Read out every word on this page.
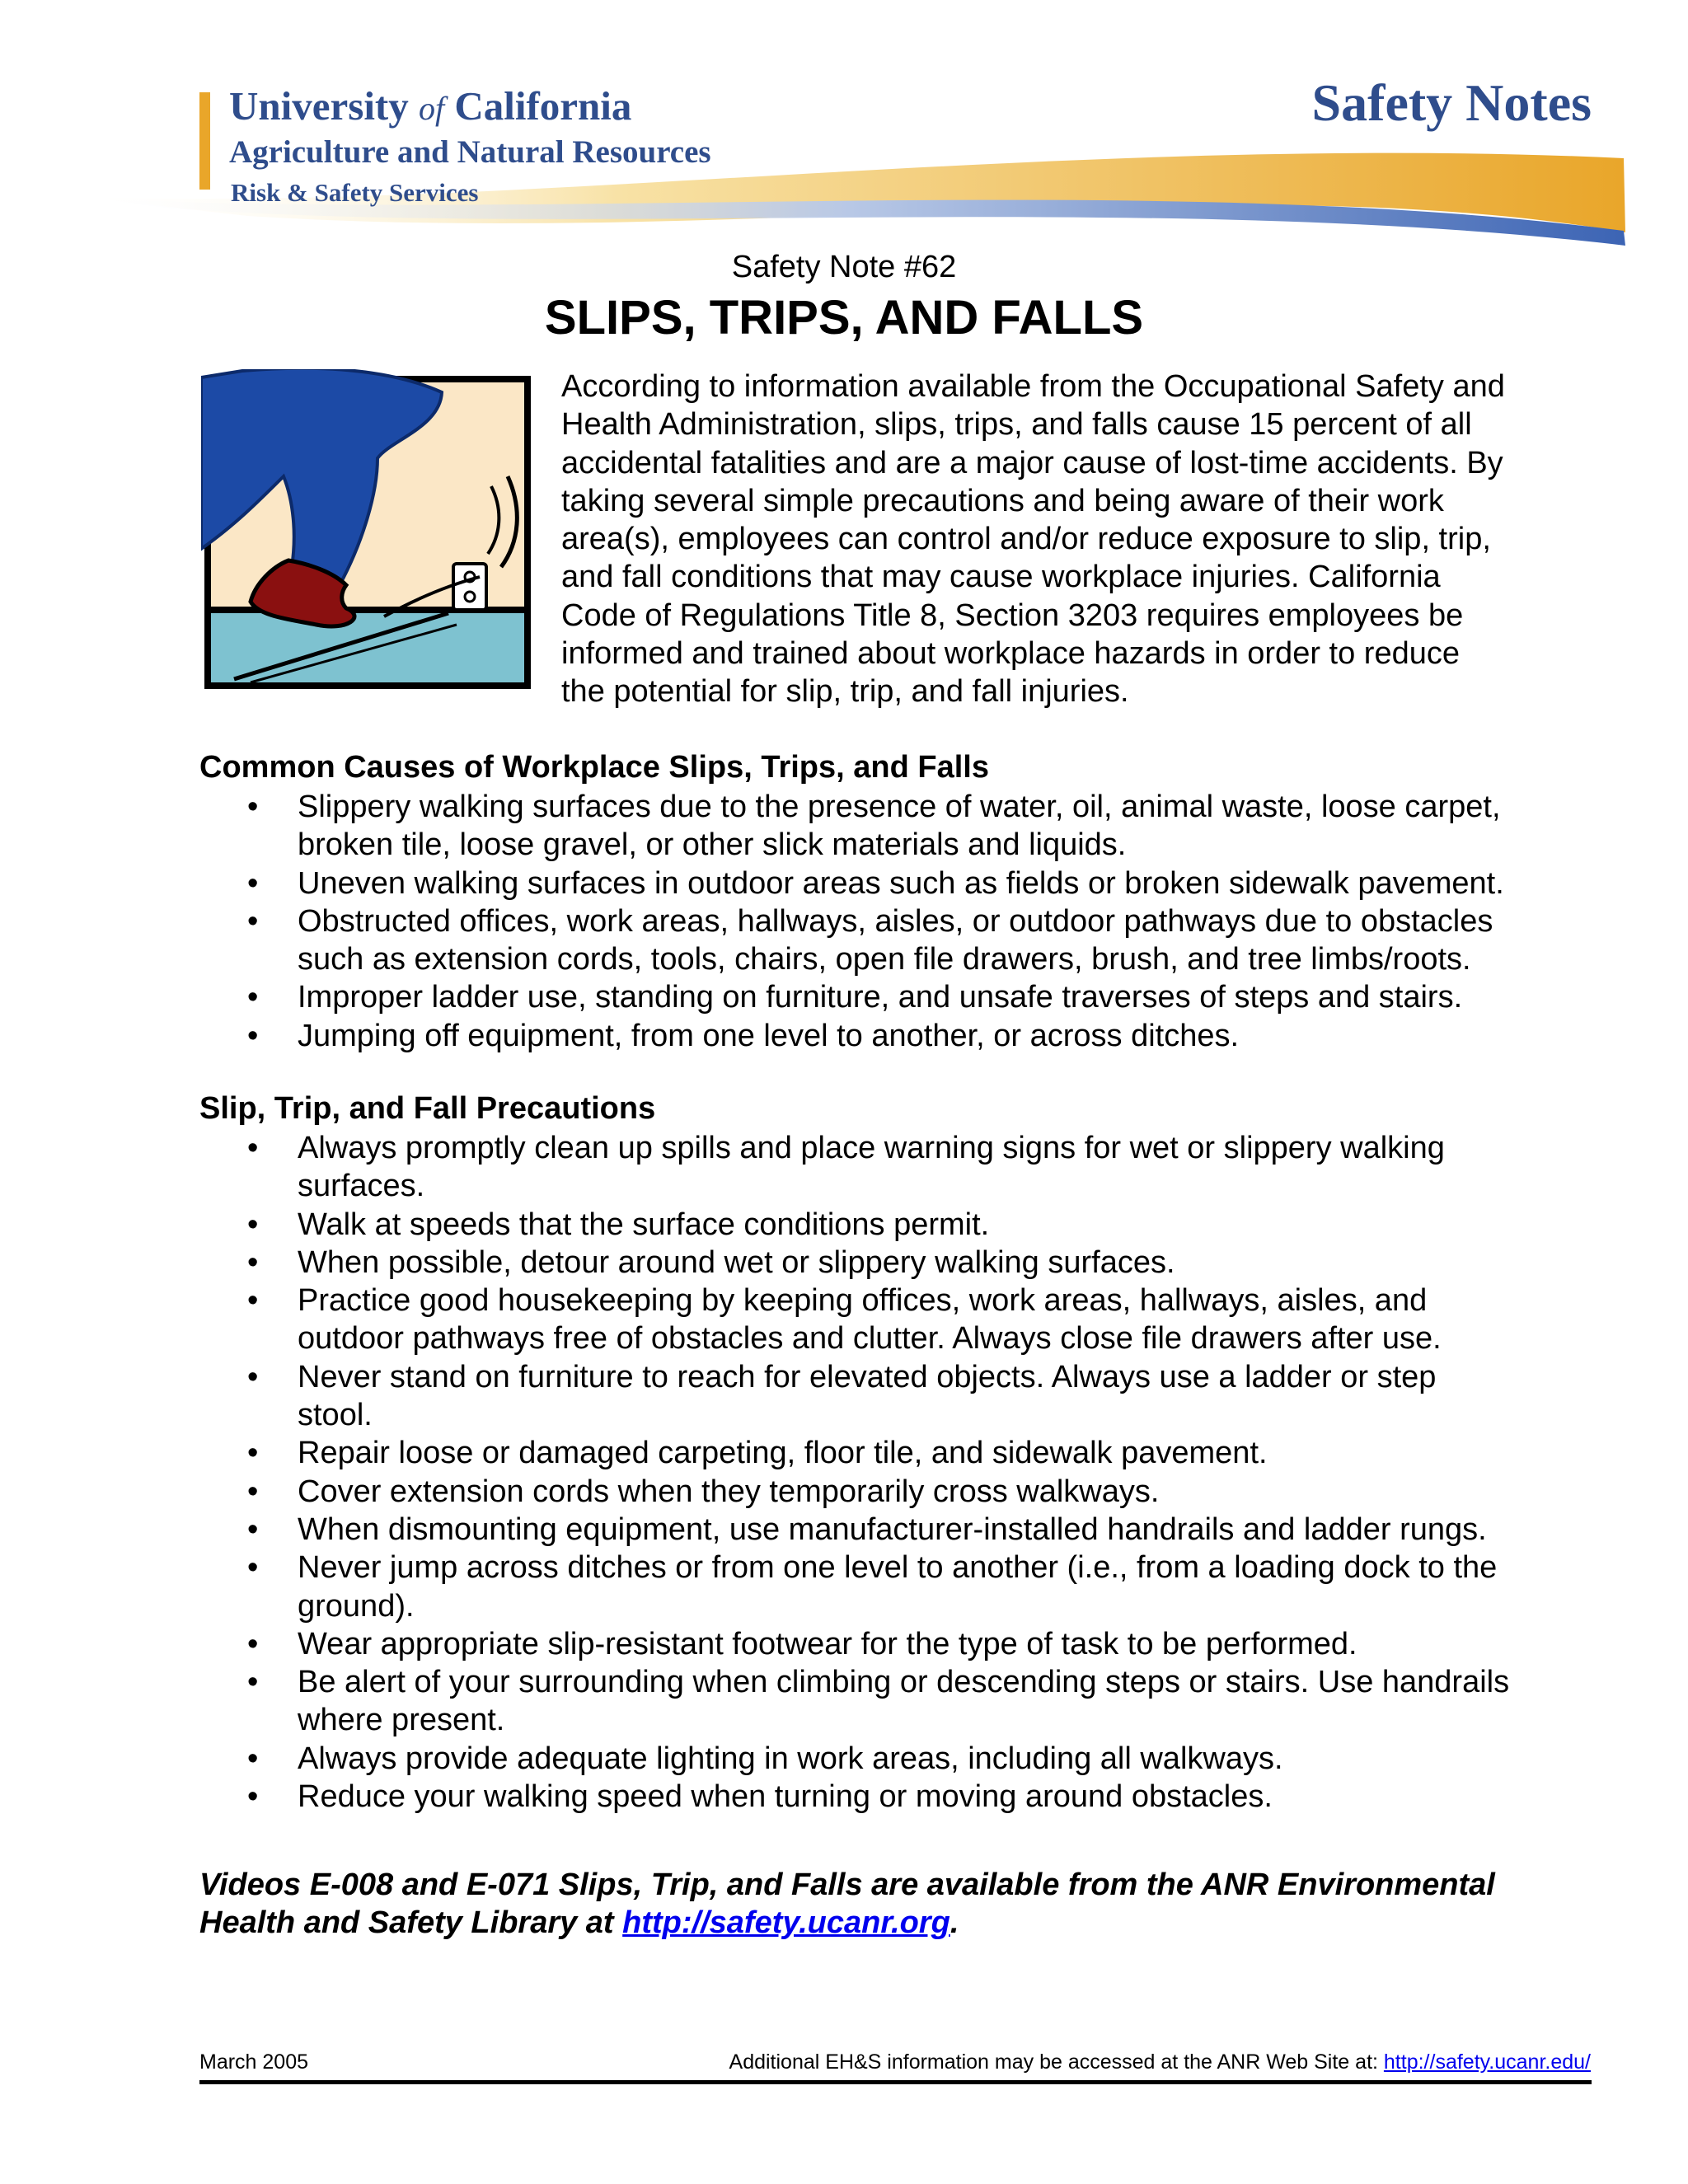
University of California
Agriculture and Natural Resources
Risk & Safety Services
Safety Notes
Safety Note #62
SLIPS, TRIPS, AND FALLS

According to information available from the Occupational Safety and
Health Administration, slips, trips, and falls cause 15 percent of all
accidental fatalities and are a major cause of lost-time accidents. By
taking several simple precautions and being aware of their work
area(s), employees can control and/or reduce exposure to slip, trip,
and fall conditions that may cause workplace injuries. California
Code of Regulations Title 8, Section 3203 requires employees be
informed and trained about workplace hazards in order to reduce
the potential for slip, trip, and fall injuries.

Common Causes of Workplace Slips, Trips, and Falls
• Slippery walking surfaces due to the presence of water, oil, animal waste, loose carpet,
broken tile, loose gravel, or other slick materials and liquids.
• Uneven walking surfaces in outdoor areas such as fields or broken sidewalk pavement.
• Obstructed offices, work areas, hallways, aisles, or outdoor pathways due to obstacles
such as extension cords, tools, chairs, open file drawers, brush, and tree limbs/roots.
• Improper ladder use, standing on furniture, and unsafe traverses of steps and stairs.
• Jumping off equipment, from one level to another, or across ditches.
Slip, Trip, and Fall Precautions
• Always promptly clean up spills and place warning signs for wet or slippery walking
surfaces.
• Walk at speeds that the surface conditions permit.
• When possible, detour around wet or slippery walking surfaces.
• Practice good housekeeping by keeping offices, work areas, hallways, aisles, and
outdoor pathways free of obstacles and clutter. Always close file drawers after use.
• Never stand on furniture to reach for elevated objects. Always use a ladder or step
stool.
• Repair loose or damaged carpeting, floor tile, and sidewalk pavement.
• Cover extension cords when they temporarily cross walkways.
• When dismounting equipment, use manufacturer-installed handrails and ladder rungs.
• Never jump across ditches or from one level to another (i.e., from a loading dock to the
ground).
• Wear appropriate slip-resistant footwear for the type of task to be performed.
• Be alert of your surrounding when climbing or descending steps or stairs. Use handrails
where present.
• Always provide adequate lighting in work areas, including all walkways.
• Reduce your walking speed when turning or moving around obstacles.

Videos E-008 and E-071 Slips, Trip, and Falls are available from the ANR Environmental
Health and Safety Library at http://safety.ucanr.org.

March 2005	Additional EH&S information may be accessed at the ANR Web Site at: http://safety.ucanr.edu/
